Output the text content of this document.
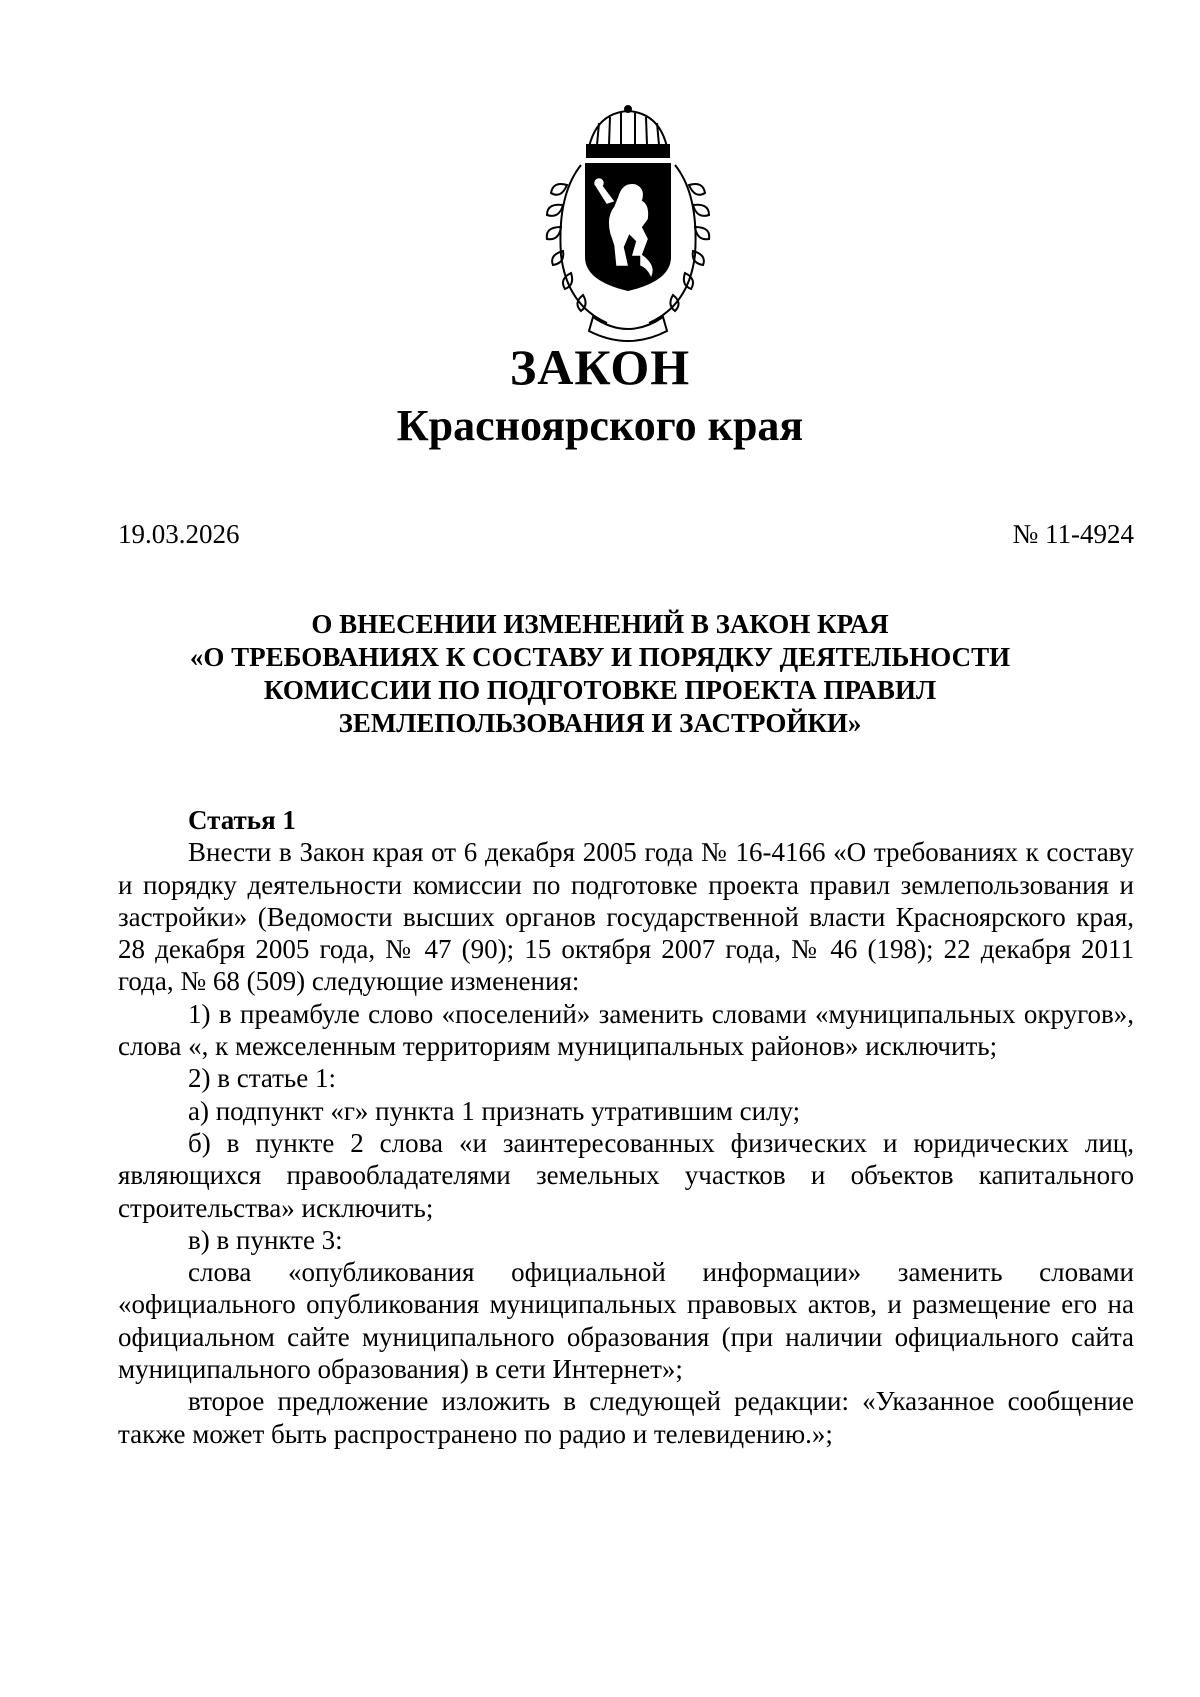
ЗАКОН
Красноярского края
19.03.2026	№ 11-4924
О ВНЕСЕНИИ ИЗМЕНЕНИЙ В ЗАКОН КРАЯ
«О ТРЕБОВАНИЯХ К СОСТАВУ И ПОРЯДКУ ДЕЯТЕЛЬНОСТИ
КОМИССИИ ПО ПОДГОТОВКЕ ПРОЕКТА ПРАВИЛ
ЗЕМЛЕПОЛЬЗОВАНИЯ И ЗАСТРОЙКИ»
Статья 1

Внести в Закон края от 6 декабря 2005 года № 16-4166 «О требованиях к составу и порядку деятельности комиссии по подготовке проекта правил землепользования и застройки» (Ведомости высших органов государственной власти Красноярского края, 28 декабря 2005 года, № 47 (90); 15 октября 2007 года, № 46 (198); 22 декабря 2011 года, № 68 (509) следующие изменения:

1) в преамбуле слово «поселений» заменить словами «муниципальных округов», слова «, к межселенным территориям муниципальных районов» исключить;

2) в статье 1:

а) подпункт «г» пункта 1 признать утратившим силу;

б) в пункте 2 слова «и заинтересованных физических и юридических лиц, являющихся правообладателями земельных участков и объектов капитального строительства» исключить;

в) в пункте 3:

слова «опубликования официальной информации» заменить словами «официального опубликования муниципальных правовых актов, и размещение его на официальном сайте муниципального образования (при наличии официального сайта муниципального образования) в сети Интернет»;

второе предложение изложить в следующей редакции: «Указанное сообщение также может быть распространено по радио и телевидению.»;
